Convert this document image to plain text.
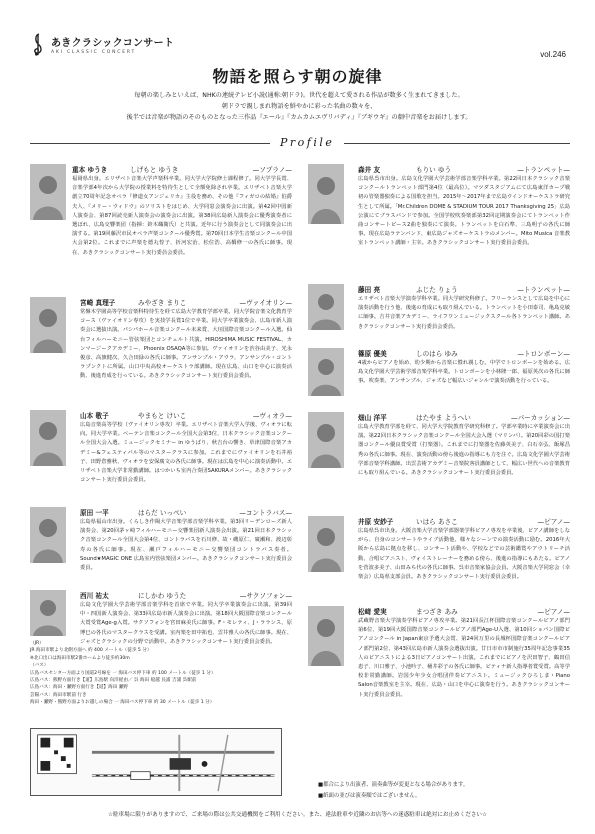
あきクラシックコンサート
AKI CLASSIC CONCERT	vol.246
物語を照らす朝の旋律
毎朝の楽しみといえば、NHKの連続テレビ小説(通称:朝ドラ)。世代を超えて愛される作品が数多く生まれてきました。
朝ドラで親しまれ物語を鮮やかに彩った名曲の数々を、
後半では音楽が物語のそのものとなった三作品『エール』『カムカムエヴリバディ』『ブギウギ』の劇中音楽をお届けします。
Profile
重本 ゆうき	しげもと ゆうき	—ソプラノ—
福岡県出身。エリザベト音楽大学声楽科卒業。同大学大学院修士課程修了。同大学学長賞、音楽学部4年次から大学院の授業料を特待生として全額免除され卒業。エリザベト音楽大学創立70周年記念オペラ『修道女アンジェリカ』主役を務め、その他『フィガロの結婚』伯爵夫人、『メリー・ウィドウ』のソリストをはじめ、大学同窓会演奏会に出演。第42回中国新人演奏会、第87回読売新人演奏会の演奏会に出演。第38回広島新人演奏会に優秀演奏者に選ばれ、広島交響楽団（指揮：鈴木織衛氏）と共演。近年に行う演奏会として同演奏会に出演する。第19回藤沢市民オペラ声楽コンクール優秀賞。第70回日本学生音楽コンクール中国大会第2位。これまでに声楽を德丸惇子、折河宏治、松位浩、高橋修一の各氏に師事。現在、あきクラシックコンサート実行委員会委員。
宮崎 真理子	みやざき まりこ	—ヴァイオリン—
常盤木学園高等学校音楽科特待生を経て広島大学教育学部卒業。同大学院音楽文化教育学コース（ヴァイオリン専攻）を実技学長賞1位で卒業。同大学卒業演奏会、広島市新人演奏会に選抜出演。パシパホール音楽コンクール未来賞、大垣国際音楽コンクール入選。仙台フィルハーモニー管弦楽団とコンチェルト共演。HIROSHIMA MUSIC FESTIVAL、カンマージークアカデミー、Phoenix OSAQA等に参加。ヴァイオリンを渋谷由美子、光永俊彦、高旗健次、久合田緑の各氏に師事。アンサンブル・アウラ、アンサンブル・コントラプンクトに所属。山口中央高校オーケストラ部講師。現在広島、山口を中心に演奏活動、後進育成を行っている。あきクラシックコンサート実行委員会委員。
山本 敬子	やまもと けいこ	—ヴィオラ—
広島音楽高等学校（ヴァイオリン専攻）卒業。エリザベト音楽大学入学後、ヴィオラに転向。同大学卒業。ベーテン音楽コンクール全国大会第3位、日本クラシック音楽コンクール全国大会入選。ミュージックセミナー in ゆうばり、秋吉台の響き、草津国際音楽アカデミー&フェスティバル等のマスタークラスに参加。これまでにヴァイオリンを石井裕子、田野倉雅秋、ヴィオラを安保廣文の各氏に師事。現在は広島を中心に演奏活動中。エリザベト音楽大学非常勤講師。はつかいち室内合奏団SAKURAメンバー。あきクラシックコンサート実行委員会委員。
原田 一平	はらだ いっぺい	—コントラバス—
広島県福山市出身。くらしき作陽大学音楽学部音楽学科卒業。第3回リーデンローズ新人演奏会、第20回茅ヶ崎フィルハーモニー交響楽団新人演奏会出演。第21回日本クラシック音楽コンクール全国大会第4位、コントラバスを石川修、故・磯原仁、廣瀬和、渡辺彰寿の各氏に師事。現在、瀬戸フィルハーモニー交響楽団コントラバス奏者。Sound★MAGIC ONE 広島室内管弦楽団メンバー。あきクラシックコンサート実行委員会委員。
西川 祐太	にしかわ ゆうた	—サクソフォン—
広島文化学園大学芸術学部音楽学科を首席で卒業。同大学卒業演奏会に出演。第39回中・四国新人演奏会、第33回広島市新人演奏会に出演。第18回大阪国際音楽コンクール大賞受賞Age-g入賞。サクソフォンを宮田麻美氏に師事。F・モレティ、J・ラランス、原博巳の各氏のマスタークラスを受講。室内楽を田中拓也、雲井雅人の各氏に師事。現在、ジャズとクラシックの分野で活動中。あきクラシックコンサート実行委員会委員。
森井 友	もりい ゆう	—トランペット—
広島県呉市出身。広島文化学園大学芸術学部音楽学科卒業。第22回日本クラシック音楽コンクールトランペット部門第4位（最高位）。マツダスタジアムにて広島東洋カープ戦 初の管楽器独奏による国歌を担当。2015年〜2017年まで広島ウインドオーケストラ研究生として所属。「Mr.Children DOME & STADIUM TOUR 2017 Thanksgiving 25」広島公演にてブラスバンドで参加。全国学校吹奏楽部第32回定期演奏会にてトランペット作曲コンサートピース2曲を独奏にて演奏。トランペットを白石準、三島明子の各氏に師事。現在広島ラテンバンド、東広島ジャズオーケストラのメンバー。Mito Musica 音楽教室トランペット講師・主宰。あきクラシックコンサート実行委員会委員。
藤田 亮	ふじた りょう	—トランペット—
エリザベト音楽大学演奏学科卒業。同大学研究科修了。フリーランスとして広島を中心に演奏活動を行う他、後進の育成にも取り組んでいる。トランペットを小田泰司、亀島克敏に師事。吉井音楽アカデミー、ライフワンミュージックスクール各トランペット講師。あきクラシックコンサート実行委員会委員。
篠原 優美	しのはら ゆみ	—トロンボーン—
4歳からピアノを始め、幼少期から音楽に慣れ親しむ。中学でトロンボーンを始める。広島文化学園大学芸術学部音楽学科卒業。トロンボーンを小林隆一郎、福原英次の各氏に師事。吹奏楽、アンサンブル、ジャズなど幅広いジャンルで演奏活動を行っている。
畑山 洋平	はたやま ようへい	—パーカッション—
広島大学教育学部を経て、同大学大学院教育学研究科修了。学部卒業時に卒業演奏会に出演。第22回日本クラシック音楽コンクール全国大会入選（マリンバ）。第20回彩の国打楽器コンクール優良賞受賞（打楽器）。これまでに打楽器を佐藤英美子、白石幸弘、飯塚昌秀の各氏に師事。現在、演奏活動の傍ら後進の指導にも力を注ぐ。広島文化学園大学芸術学部音楽学科講師。出雲芸術アカデミー音楽院客員講師として、幅広い世代への音楽教育にも取り組んでいる。あきクラシックコンサート実行委員会委員。
井原 安紗子	いはら あさこ	—ピアノ—
広島県呉市出身。大阪音楽大学音楽学部器楽学科ピアノ専攻を卒業後、ピアノ講師をしながら、自身のコンサートやライブ活動他、様々なシーンでの演奏活動に励む。2016年大阪から広島に拠点を移し、コンサート活動や、学校などでの芸術鑑賞やアウトリーチ活動、合唱ピアニスト、ヴォイストレーナーを務める傍ら、後進の指導にもあたる。ピアノを菅波多美子、山田みち代の各氏に師事。呉市音楽家協会会員。大阪音楽大学同窓会（幸楽会）広島県支部会員。あきクラシックコンサート実行委員会委員。
松﨑 愛実	まつざき あみ	—ピアノ—
武蔵野音楽大学演奏学科ピアノ専攻卒業。第21回長江杯国際音楽コンクールピアノ部門第6位、第19回大阪国際音楽コンクールピアノ部門Age-U入選、第10回ショパン国際ピアノコンクール in Japan東京予選大会賞、第24回万里の長城杯国際音楽コンクールピアノ部門第2位、第43回広島市新人演奏会選抜出演。廿日市市市制施行35周年記念事業35人のピアニストによる3日ピアノコンサート出演。これまでにピアノを沢田智子、鶴田信恵子、川口雅子、小池吟子、桶井彩子の各氏に師事。ピティナ新人指導者賞受賞。高等学校非常勤講師。岩国少年少女合唱団伴奏ピアニスト。ミュージックひろしま・Piano Salon音楽教室を主宰。現在、広島・山口を中心に演奏を行う。あきクラシックコンサート実行委員会委員。
（JR）
JR 海田市駅より北側方面へ 約 400 メートル（徒歩 5 分）
※北口出口は海田市駅2番ホームより徒歩約30m
（バス）
広島バスセンター方面より国道2号線を 一 海田バス停下車 約 100 メートル（徒歩 1 分）
広島バス：熊野方面行き【道】広島駅 向洋経由／ 呉 海田 船越 長浦 吉浦 呉駅前
広島バス：海田・瀬野方面行き【道】海田 瀬野
芸陽バス：海田市駅前 行き
海田・瀬野・熊野方面よりお越しの場合 一 海田バス停下車 約 30 メートル（徒歩 1 分）
■都合により出演者、演奏曲等が変更となる場合があります。
■紙面の並びは演奏順ではございません。
☆駐車場に限りがありますので、ご来場の際は公共交通機関をご利用ください。また、違法駐車や近隣のお店等への迷惑駐車は絶対にお止めください☆
